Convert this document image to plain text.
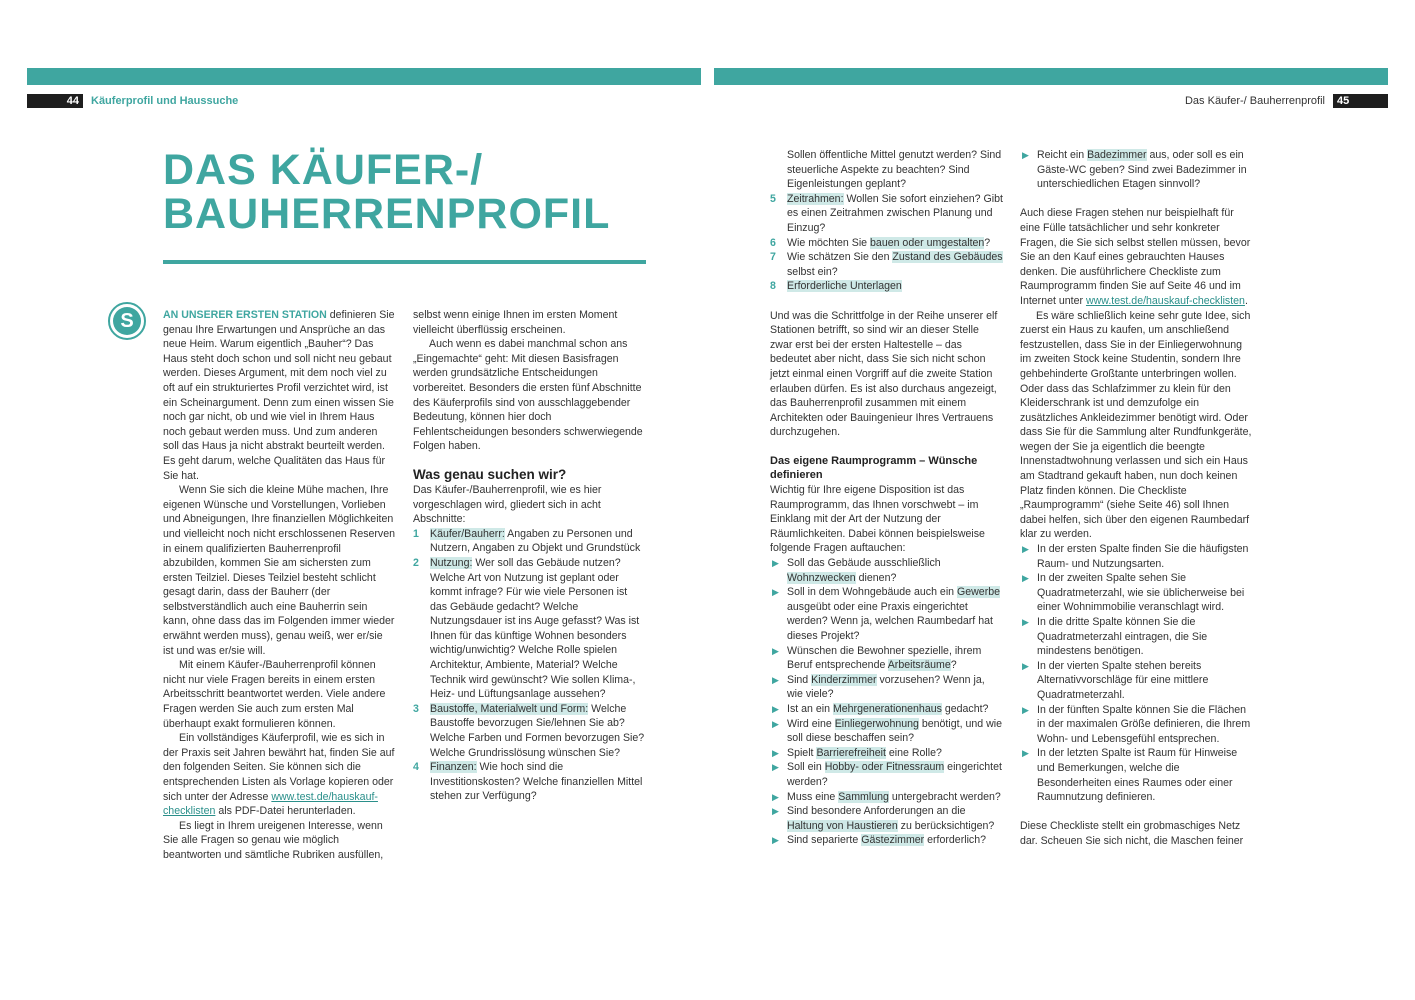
44	Käuferprofil und Haussuche	Das Käufer-/ Bauherrenprofil	45
DAS KÄUFER-/
BAUHERRENPROFIL
S	AN UNSERER ERSTEN STATION definieren Sie genau Ihre Erwartungen und Ansprüche an das neue Heim. Warum eigentlich „Bauher“? Das Haus steht doch schon und soll nicht neu gebaut werden. Dieses Argument, mit dem noch viel zu oft auf ein strukturiertes Profil verzichtet wird, ist ein Scheinargument. Denn zum einen wissen Sie noch gar nicht, ob und wie viel in Ihrem Haus noch gebaut werden muss. Und zum anderen soll das Haus ja nicht abstrakt beurteilt werden. Es geht darum, welche Qualitäten das Haus für Sie hat.

Wenn Sie sich die kleine Mühe machen, Ihre eigenen Wünsche und Vorstellungen, Vorlieben und Abneigungen, Ihre finanziellen Möglichkeiten und vielleicht noch nicht erschlossenen Reserven in einem qualifizierten Bauherrenprofil abzubilden, kommen Sie am sichersten zum ersten Teilziel. Dieses Teilziel besteht schlicht gesagt darin, dass der Bauherr (der selbstverständlich auch eine Bauherrin sein kann, ohne dass das im Folgenden immer wieder erwähnt werden muss), genau weiß, wer er/sie ist und was er/sie will.

Mit einem Käufer-/Bauherrenprofil können nicht nur viele Fragen bereits in einem ersten Arbeitsschritt beantwortet werden. Viele andere Fragen werden Sie auch zum ersten Mal überhaupt exakt formulieren können.

Ein vollständiges Käuferprofil, wie es sich in der Praxis seit Jahren bewährt hat, finden Sie auf den folgenden Seiten. Sie können sich die entsprechenden Listen als Vorlage kopieren oder sich unter der Adresse www.test.de/hauskauf-checklisten als PDF-Datei herunterladen.

Es liegt in Ihrem ureigenen Interesse, wenn Sie alle Fragen so genau wie möglich beantworten und sämtliche Rubriken ausfüllen,

selbst wenn einige Ihnen im ersten Moment vielleicht überflüssig erscheinen.

Auch wenn es dabei manchmal schon ans „Eingemachte“ geht: Mit diesen Basisfragen werden grundsätzliche Entscheidungen vorbereitet. Besonders die ersten fünf Abschnitte des Käuferprofils sind von ausschlaggebender Bedeutung, können hier doch Fehlentscheidungen besonders schwerwiegende Folgen haben.

Was genau suchen wir?

Das Käufer-/Bauherrenprofil, wie es hier vorgeschlagen wird, gliedert sich in acht Abschnitte:

1 Käufer/Bauherr: Angaben zu Personen und Nutzern, Angaben zu Objekt und Grundstück
2 Nutzung: Wer soll das Gebäude nutzen? Welche Art von Nutzung ist geplant oder kommt infrage? Für wie viele Personen ist das Gebäude gedacht? Welche Nutzungsdauer ist ins Auge gefasst? Was ist Ihnen für das künftige Wohnen besonders wichtig/unwichtig? Welche Rolle spielen Architektur, Ambiente, Material? Welche Technik wird gewünscht? Wie sollen Klima-, Heiz- und Lüftungsanlage aussehen?
3 Baustoffe, Materialwelt und Form: Welche Baustoffe bevorzugen Sie/lehnen Sie ab? Welche Farben und Formen bevorzugen Sie? Welche Grundrisslösung wünschen Sie?
4 Finanzen: Wie hoch sind die Investitionskosten? Welche finanziellen Mittel stehen zur Verfügung?

Sollen öffentliche Mittel genutzt werden? Sind steuerliche Aspekte zu beachten? Sind Eigenleistungen geplant?

5 Zeitrahmen: Wollen Sie sofort einziehen? Gibt es einen Zeitrahmen zwischen Planung und Einzug?
6 Wie möchten Sie bauen oder umgestalten?
7 Wie schätzen Sie den Zustand des Gebäudes selbst ein?
8 Erforderliche Unterlagen

Und was die Schrittfolge in der Reihe unserer elf Stationen betrifft, so sind wir an dieser Stelle zwar erst bei der ersten Haltestelle – das bedeutet aber nicht, dass Sie sich nicht schon jetzt einmal einen Vorgriff auf die zweite Station erlauben dürfen. Es ist also durchaus angezeigt, das Bauherrenprofil zusammen mit einem Architekten oder Bauingenieur Ihres Vertrauens durchzugehen.

Das eigene Raumprogramm – Wünsche definieren

Wichtig für Ihre eigene Disposition ist das Raumprogramm, das Ihnen vorschwebt – im Einklang mit der Art der Nutzung der Räumlichkeiten. Dabei können beispielsweise folgende Fragen auftauchen:

▶ Soll das Gebäude ausschließlich Wohnzwecken dienen?
▶ Soll in dem Wohngebäude auch ein Gewerbe ausgeübt oder eine Praxis eingerichtet werden? Wenn ja, welchen Raumbedarf hat dieses Projekt?
▶ Wünschen die Bewohner spezielle, ihrem Beruf entsprechende Arbeitsräume?
▶ Sind Kinderzimmer vorzusehen? Wenn ja, wie viele?
▶ Ist an ein Mehrgenerationenhaus gedacht?
▶ Wird eine Einliegerwohnung benötigt, und wie soll diese beschaffen sein?
▶ Spielt Barrierefreiheit eine Rolle?
▶ Soll ein Hobby- oder Fitnessraum eingerichtet werden?
▶ Muss eine Sammlung untergebracht werden?
▶ Sind besondere Anforderungen an die Haltung von Haustieren zu berücksichtigen?
▶ Sind separierte Gästezimmer erforderlich?
▶ Reicht ein Badezimmer aus, oder soll es ein Gäste-WC geben? Sind zwei Badezimmer in unterschiedlichen Etagen sinnvoll?

Auch diese Fragen stehen nur beispielhaft für eine Fülle tatsächlicher und sehr konkreter Fragen, die Sie sich selbst stellen müssen, bevor Sie an den Kauf eines gebrauchten Hauses denken. Die ausführlichere Checkliste zum Raumprogramm finden Sie auf Seite 46 und im Internet unter www.test.de/hauskauf-checklisten.

Es wäre schließlich keine sehr gute Idee, sich zuerst ein Haus zu kaufen, um anschließend festzustellen, dass Sie in der Einliegerwohnung im zweiten Stock keine Studentin, sondern Ihre gehbehinderte Großtante unterbringen wollen. Oder dass das Schlafzimmer zu klein für den Kleiderschrank ist und demzufolge ein zusätzliches Ankleidezimmer benötigt wird. Oder dass Sie für die Sammlung alter Rundfunkgeräte, wegen der Sie ja eigentlich die beengte Innenstadtwohnung verlassen und sich ein Haus am Stadtrand gekauft haben, nun doch keinen Platz finden können. Die Checkliste „Raumprogramm“ (siehe Seite 46) soll Ihnen dabei helfen, sich über den eigenen Raumbedarf klar zu werden.

▶ In der ersten Spalte finden Sie die häufigsten Raum- und Nutzungsarten.
▶ In der zweiten Spalte sehen Sie Quadratmeterzahl, wie sie üblicherweise bei einer Wohnimmobilie veranschlagt wird.
▶ In die dritte Spalte können Sie die Quadratmeterzahl eintragen, die Sie mindestens benötigen.
▶ In der vierten Spalte stehen bereits Alternativvorschläge für eine mittlere Quadratmeterzahl.
▶ In der fünften Spalte können Sie die Flächen in der maximalen Größe definieren, die Ihrem Wohn- und Lebensgefühl entsprechen.
▶ In der letzten Spalte ist Raum für Hinweise und Bemerkungen, welche die Besonderheiten eines Raumes oder einer Raumnutzung definieren.

Diese Checkliste stellt ein grobmaschiges Netz dar. Scheuen Sie sich nicht, die Maschen feiner
